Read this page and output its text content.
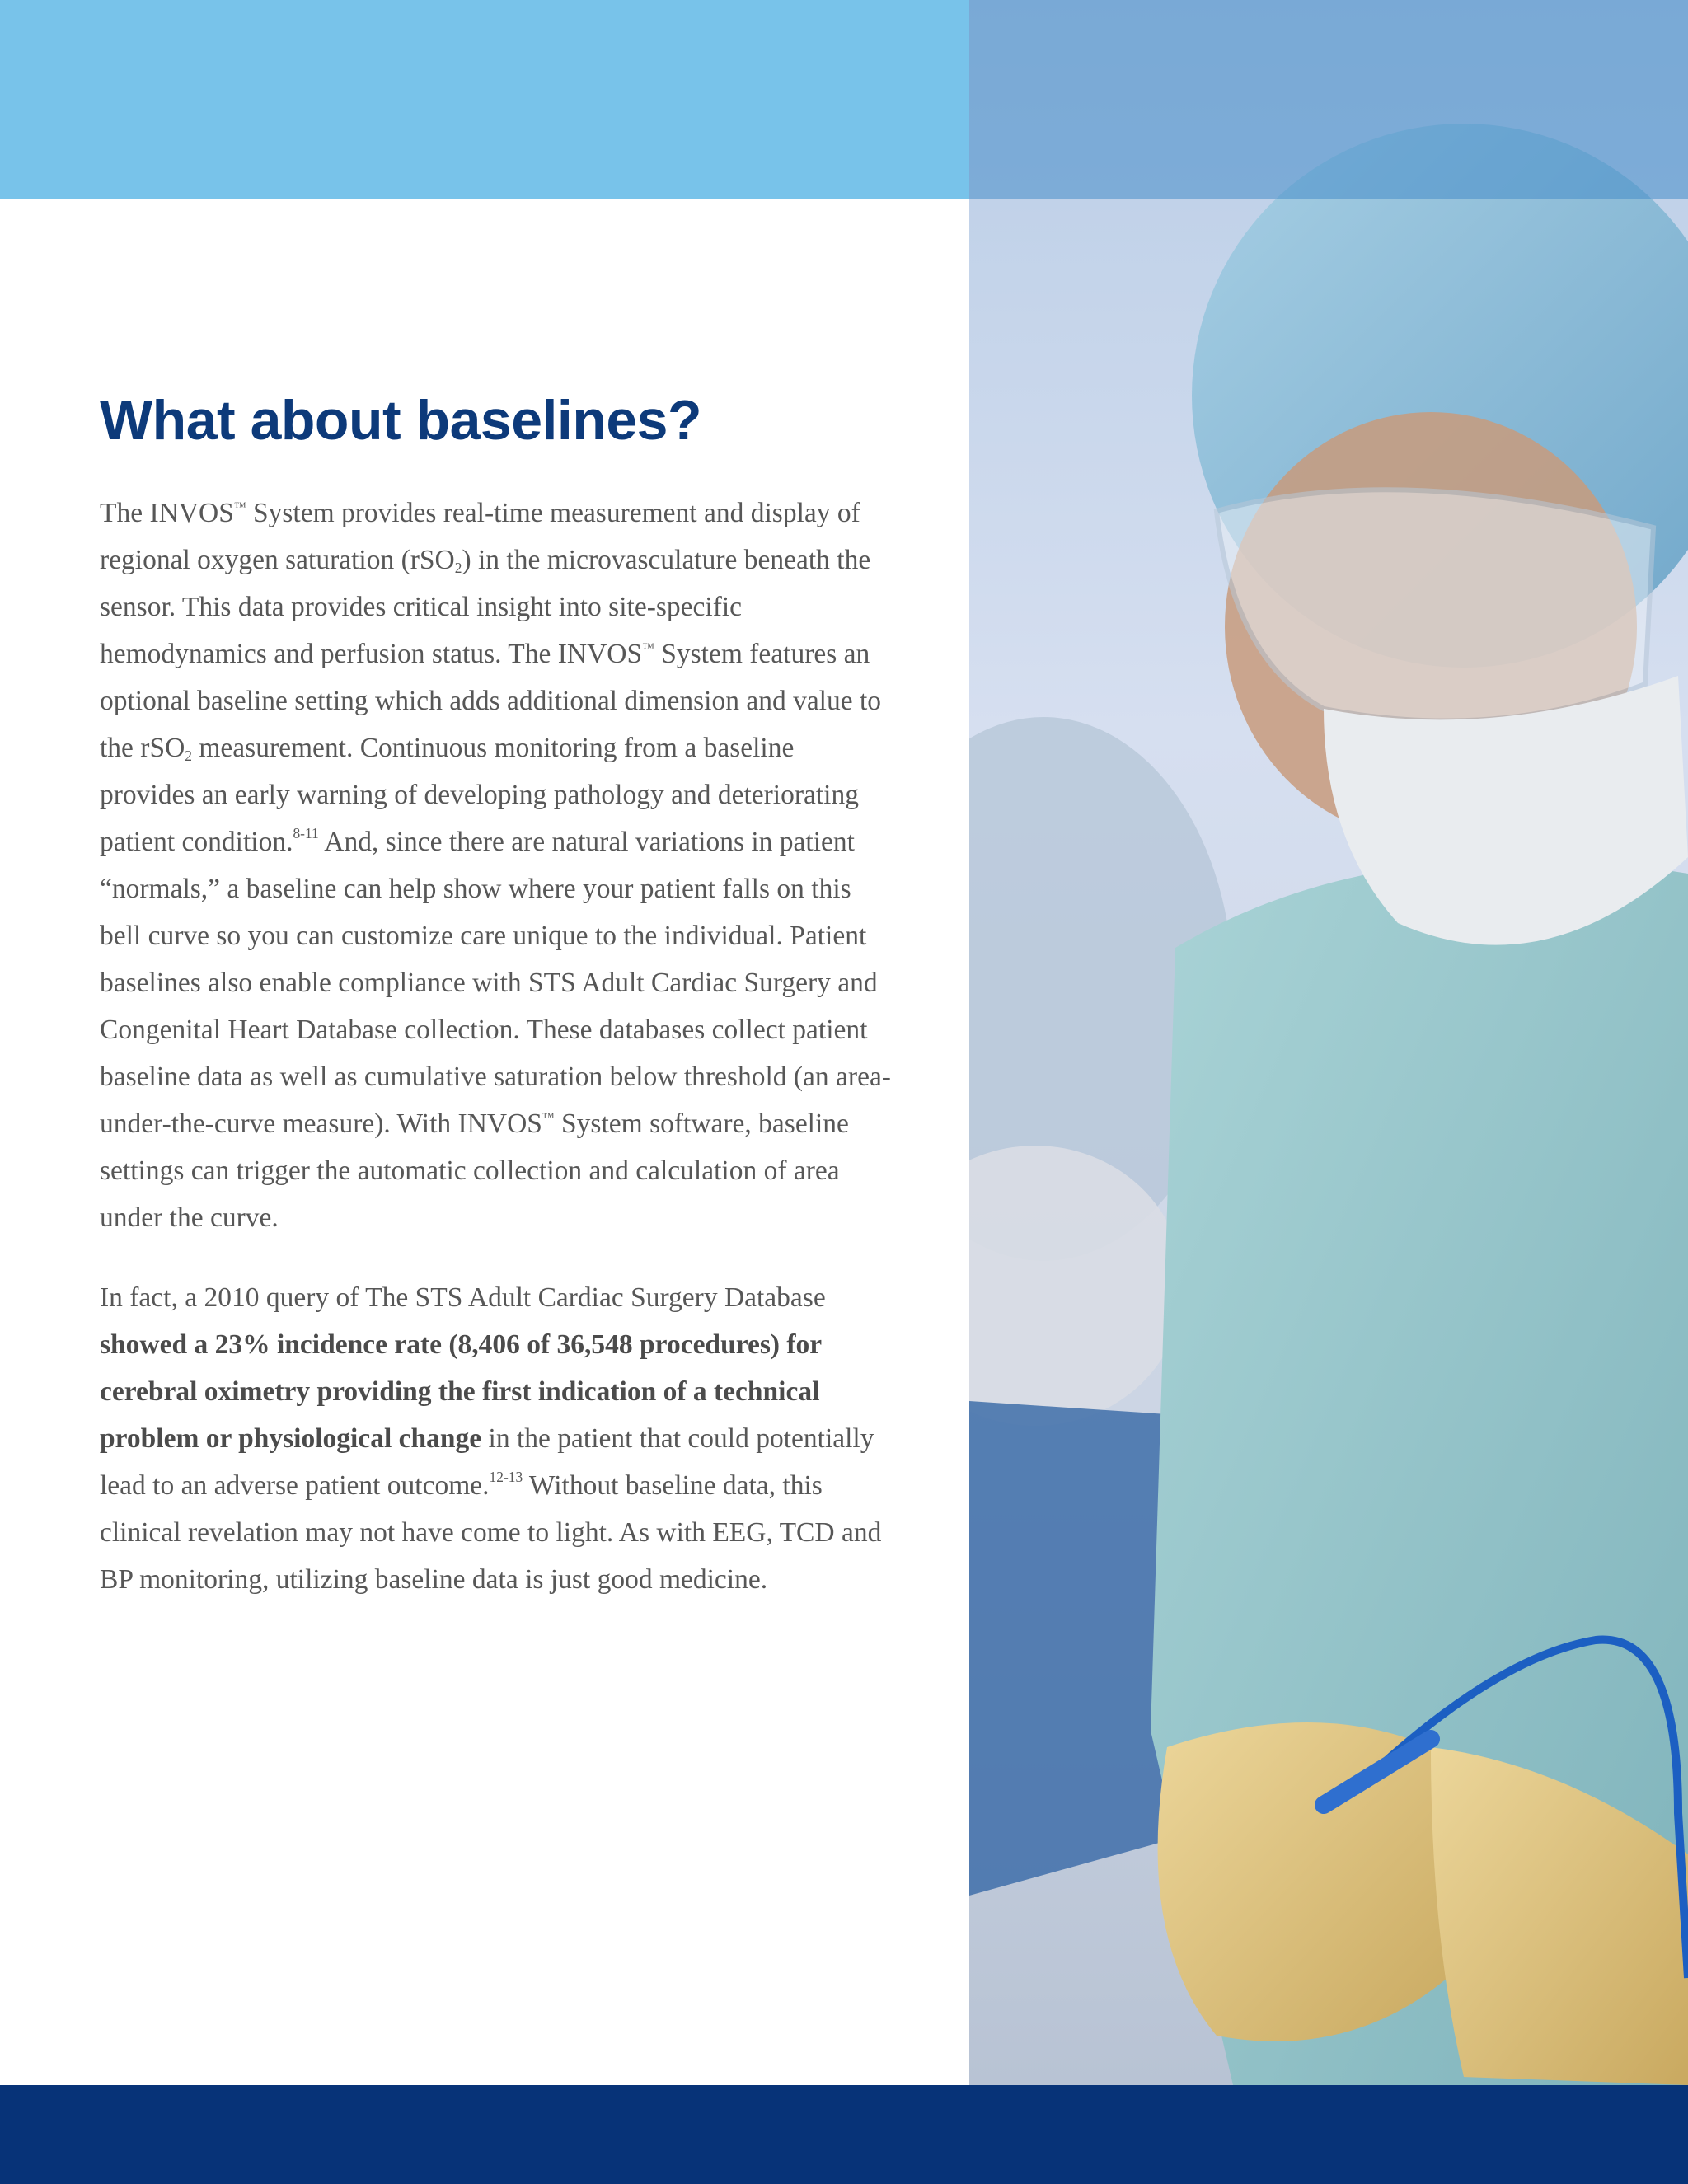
What about baselines?

The INVOS™ System provides real-time measurement and display of regional oxygen saturation (rSO$_2$) in the microvasculature beneath the sensor. This data provides critical insight into site-specific hemodynamics and perfusion status. The INVOS™ System features an optional baseline setting which adds additional dimension and value to the rSO$_2$ measurement. Continuous monitoring from a baseline provides an early warning of developing pathology and deteriorating patient condition.$^{8-11}$ And, since there are natural variations in patient “normals,” a baseline can help show where your patient falls on this bell curve so you can customize care unique to the individual. Patient baselines also enable compliance with STS Adult Cardiac Surgery and Congenital Heart Database collection. These databases collect patient baseline data as well as cumulative saturation below threshold (an area-under-the-curve measure). With INVOS™ System software, baseline settings can trigger the automatic collection and calculation of area under the curve.

In fact, a 2010 query of The STS Adult Cardiac Surgery Database showed a 23% incidence rate (8,406 of 36,548 procedures) for cerebral oximetry providing the first indication of a technical problem or physiological change in the patient that could potentially lead to an adverse patient outcome.$^{12-13}$ Without baseline data, this clinical revelation may not have come to light. As with EEG, TCD and BP monitoring, utilizing baseline data is just good medicine.
